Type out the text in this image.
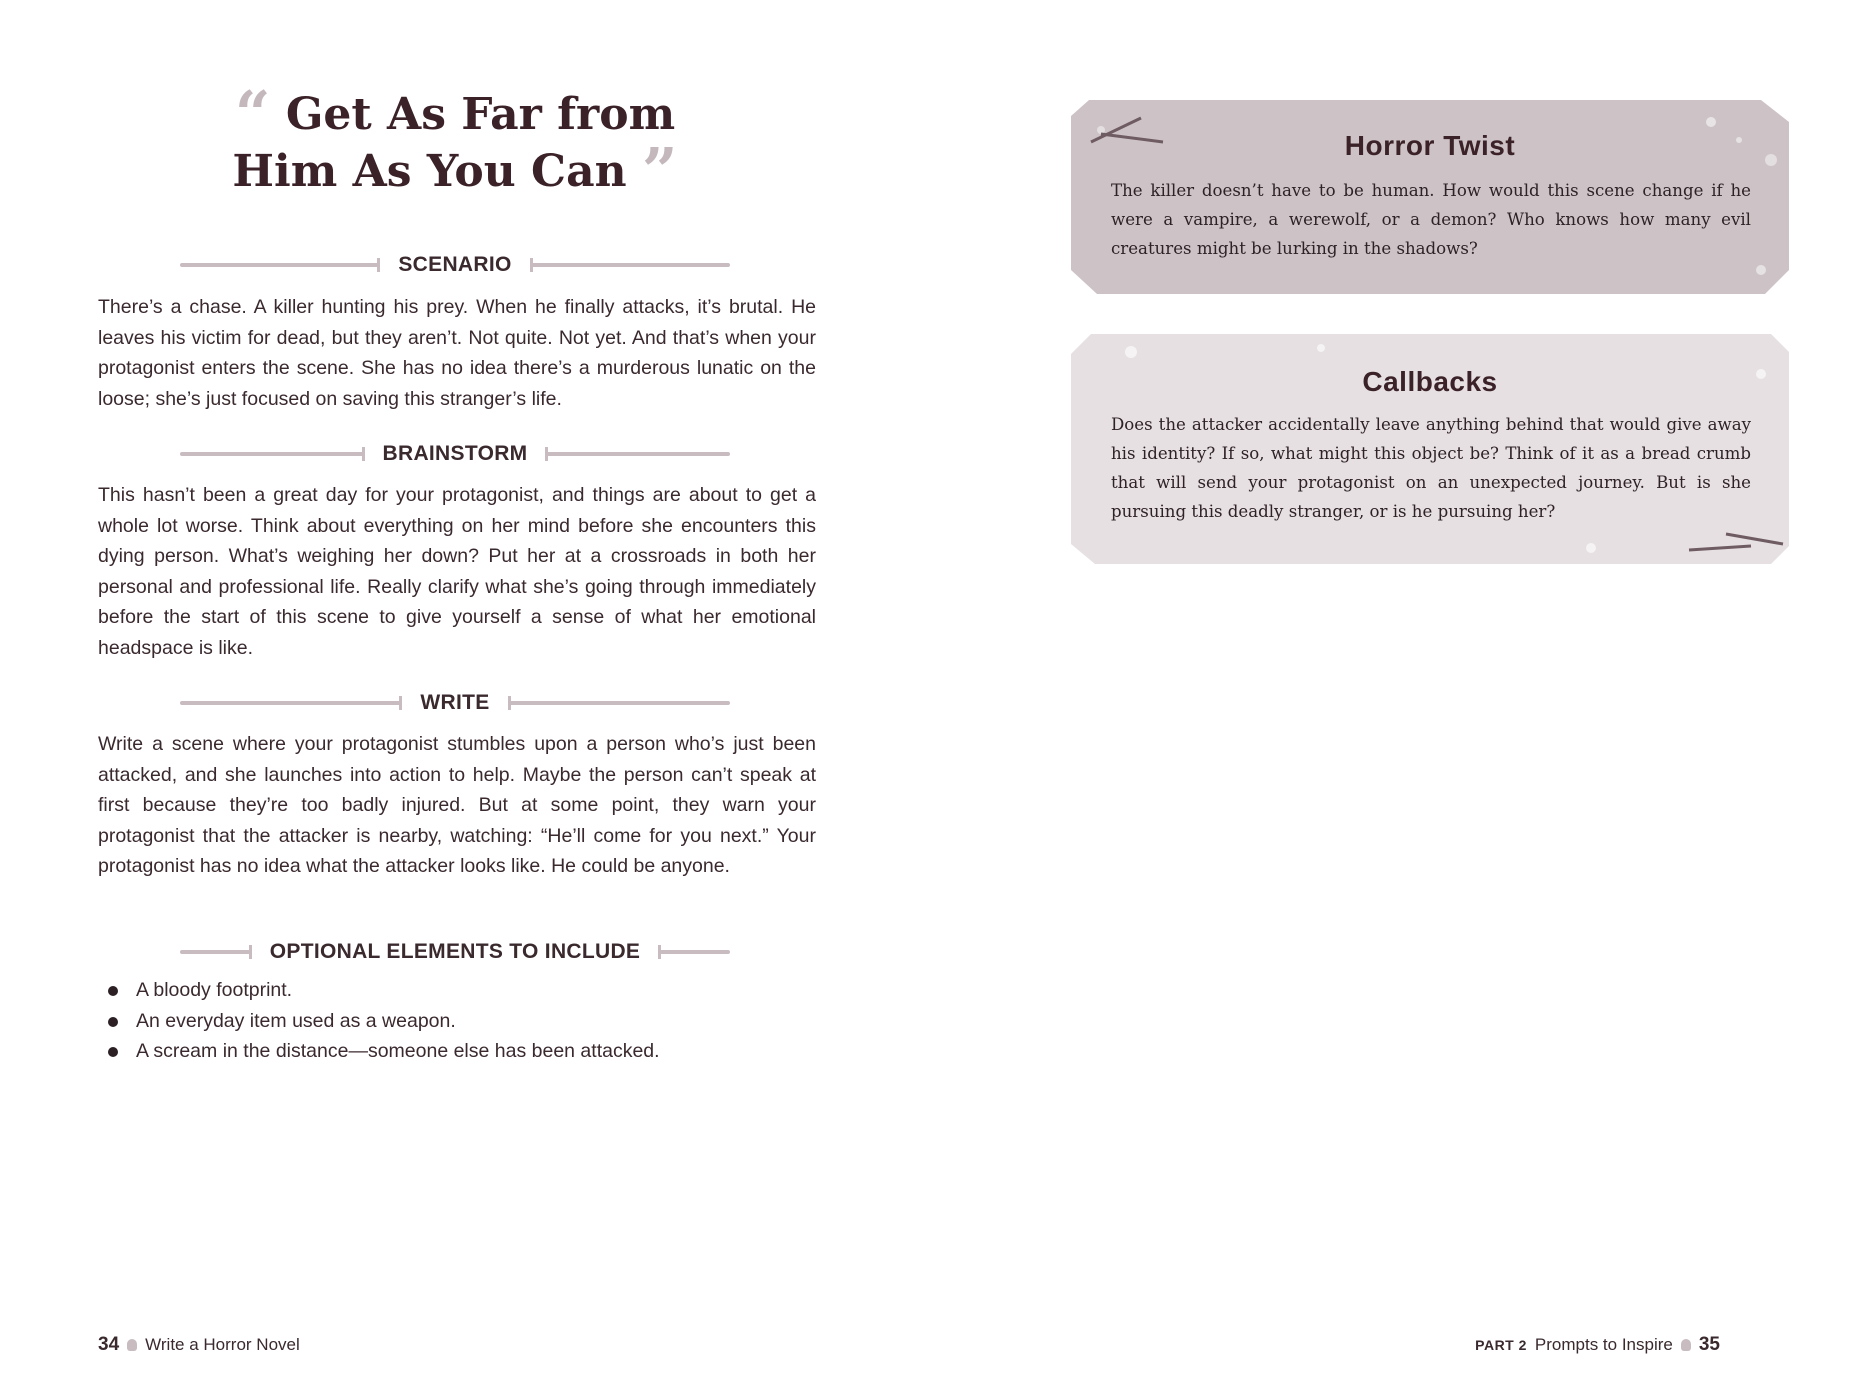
“ Get As Far from
Him As You Can ”
SCENARIO

There’s a chase. A killer hunting his prey. When he finally attacks, it’s brutal. He leaves his victim for dead, but they aren’t. Not quite. Not yet. And that’s when your protagonist enters the scene. She has no idea there’s a murderous lunatic on the loose; she’s just focused on saving this stranger’s life.

BRAINSTORM

This hasn’t been a great day for your protagonist, and things are about to get a whole lot worse. Think about everything on her mind before she encounters this dying person. What’s weighing her down? Put her at a crossroads in both her personal and professional life. Really clarify what she’s going through immediately before the start of this scene to give yourself a sense of what her emotional headspace is like.

WRITE

Write a scene where your protagonist stumbles upon a person who’s just been attacked, and she launches into action to help. Maybe the person can’t speak at first because they’re too badly injured. But at some point, they warn your protagonist that the attacker is nearby, watching: “He’ll come for you next.” Your protagonist has no idea what the attacker looks like. He could be anyone.

OPTIONAL ELEMENTS TO INCLUDE
A bloody footprint.
An everyday item used as a weapon.
A scream in the distance—someone else has been attacked.
34 Write a Horror Novel
Horror Twist

The killer doesn’t have to be human. How would this scene change if he were a vampire, a werewolf, or a demon? Who knows how many evil creatures might be lurking in the shadows?

Callbacks

Does the attacker accidentally leave anything behind that would give away his identity? If so, what might this object be? Think of it as a bread crumb that will send your protagonist on an unexpected journey. But is she pursuing this deadly stranger, or is he pursuing her?

PART 2 Prompts to Inspire 35
